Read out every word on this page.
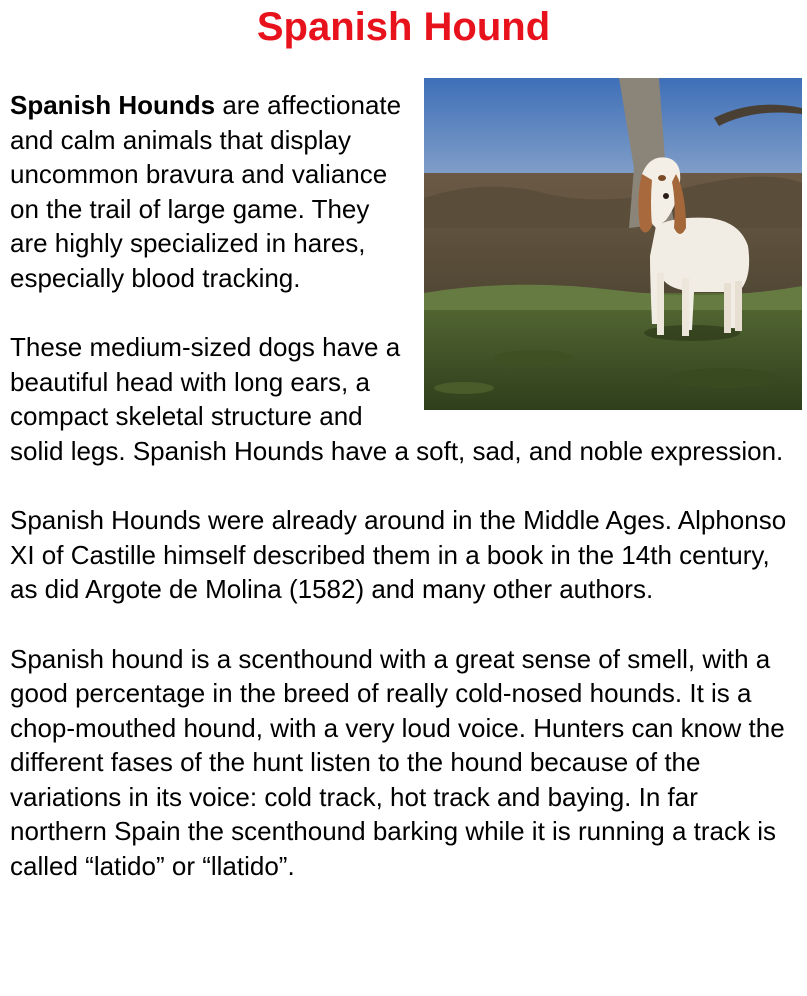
Spanish Hound

Spanish Hounds are affectionate and calm animals that display uncommon bravura and valiance on the trail of large game. They are highly specialized in hares, especially blood tracking.

These medium-sized dogs have a beautiful head with long ears, a compact skeletal structure and solid legs. Spanish Hounds have a soft, sad, and noble expression.

Spanish Hounds were already around in the Middle Ages. Alphonso XI of Castille himself described them in a book in the 14th century, as did Argote de Molina (1582) and many other authors.

Spanish hound is a scenthound with a great sense of smell, with a good percentage in the breed of really cold-nosed hounds. It is a chop-mouthed hound, with a very loud voice. Hunters can know the different fases of the hunt listen to the hound because of the variations in its voice: cold track, hot track and baying. In far northern Spain the scenthound barking while it is running a track is called “latido” or “llatido”.
